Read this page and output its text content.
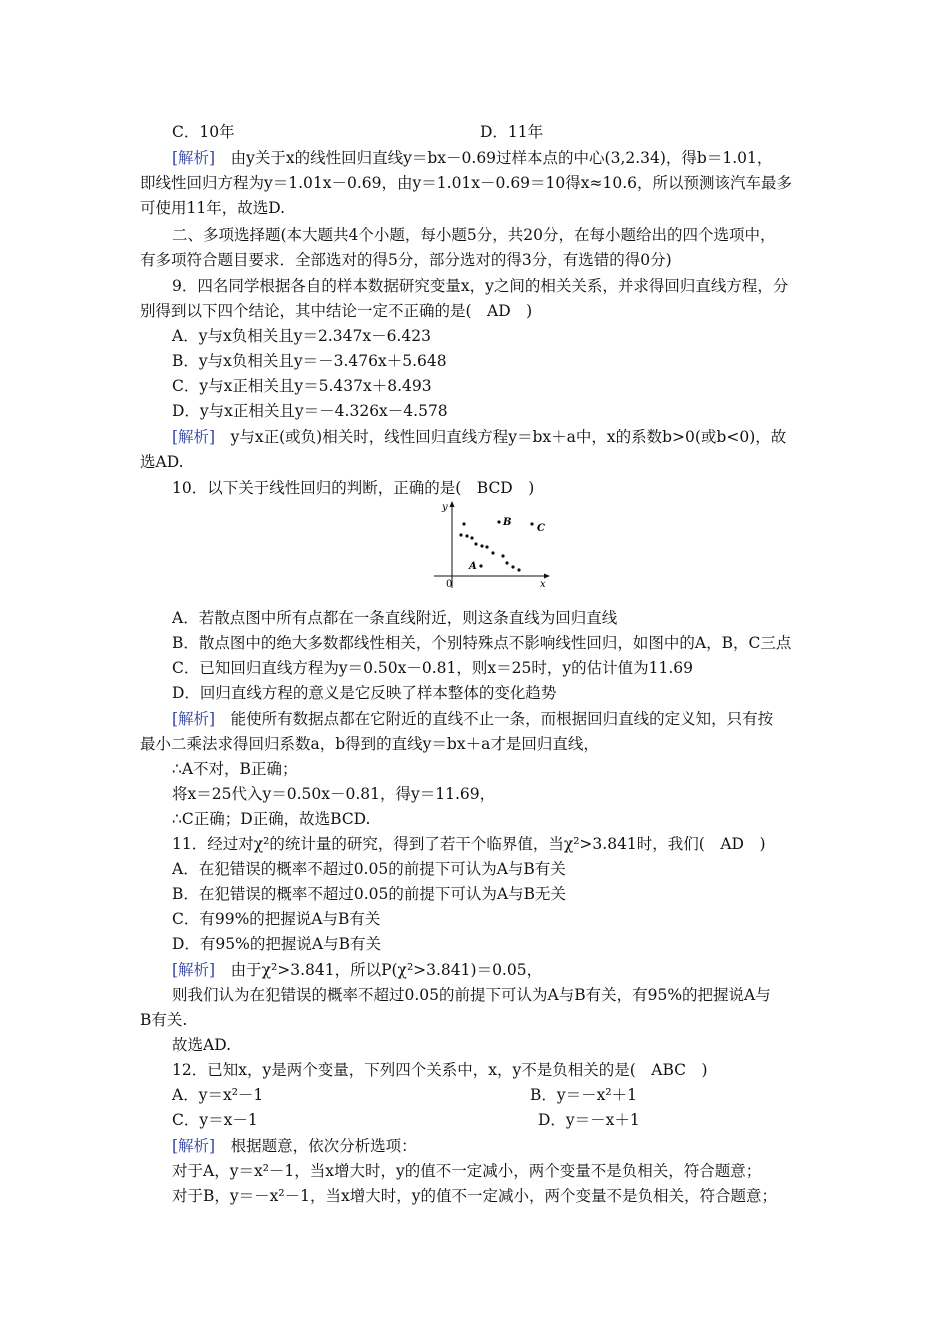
C．10年	D．11年
[解析]　由y关于x的线性回归直线y＝bx－0.69过样本点的中心(3,2.34)，得b＝1.01，
即线性回归方程为y＝1.01x－0.69，由y＝1.01x－0.69＝10得x≈10.6，所以预测该汽车最多
可使用11年，故选D.
二、多项选择题(本大题共4个小题，每小题5分，共20分，在每小题给出的四个选项中，
有多项符合题目要求．全部选对的得5分，部分选对的得3分，有选错的得0分)
9．四名同学根据各自的样本数据研究变量x，y之间的相关关系，并求得回归直线方程，分
别得到以下四个结论，其中结论一定不正确的是(　AD　)
A．y与x负相关且y＝2.347x－6.423
B．y与x负相关且y＝－3.476x＋5.648
C．y与x正相关且y＝5.437x＋8.493
D．y与x正相关且y＝－4.326x－4.578
[解析]　y与x正(或负)相关时，线性回归直线方程y＝bx＋a中，x的系数b>0(或b<0)，故
选AD.
10．以下关于线性回归的判断，正确的是(　BCD　)
y
x
0
A
B
C
A．若散点图中所有点都在一条直线附近，则这条直线为回归直线
B．散点图中的绝大多数都线性相关，个别特殊点不影响线性回归，如图中的A，B，C三点
C．已知回归直线方程为y＝0.50x－0.81，则x＝25时，y的估计值为11.69
D．回归直线方程的意义是它反映了样本整体的变化趋势
[解析]　能使所有数据点都在它附近的直线不止一条，而根据回归直线的定义知，只有按
最小二乘法求得回归系数a，b得到的直线y＝bx＋a才是回归直线，
∴A不对，B正确；
将x＝25代入y＝0.50x－0.81，得y＝11.69，
∴C正确；D正确，故选BCD.
11．经过对χ²的统计量的研究，得到了若干个临界值，当χ²>3.841时，我们(　AD　)
A．在犯错误的概率不超过0.05的前提下可认为A与B有关
B．在犯错误的概率不超过0.05的前提下可认为A与B无关
C．有99%的把握说A与B有关
D．有95%的把握说A与B有关
[解析]　由于χ²>3.841，所以P(χ²>3.841)＝0.05，
则我们认为在犯错误的概率不超过0.05的前提下可认为A与B有关，有95%的把握说A与
B有关.
故选AD.
12．已知x，y是两个变量，下列四个关系中，x，y不是负相关的是(　ABC　)
A．y＝x²－1	B．y＝－x²＋1
C．y＝x－1	D．y＝－x＋1
[解析]　根据题意，依次分析选项：
对于A，y＝x²－1，当x增大时，y的值不一定减小，两个变量不是负相关，符合题意；
对于B，y＝－x²－1，当x增大时，y的值不一定减小，两个变量不是负相关，符合题意；
